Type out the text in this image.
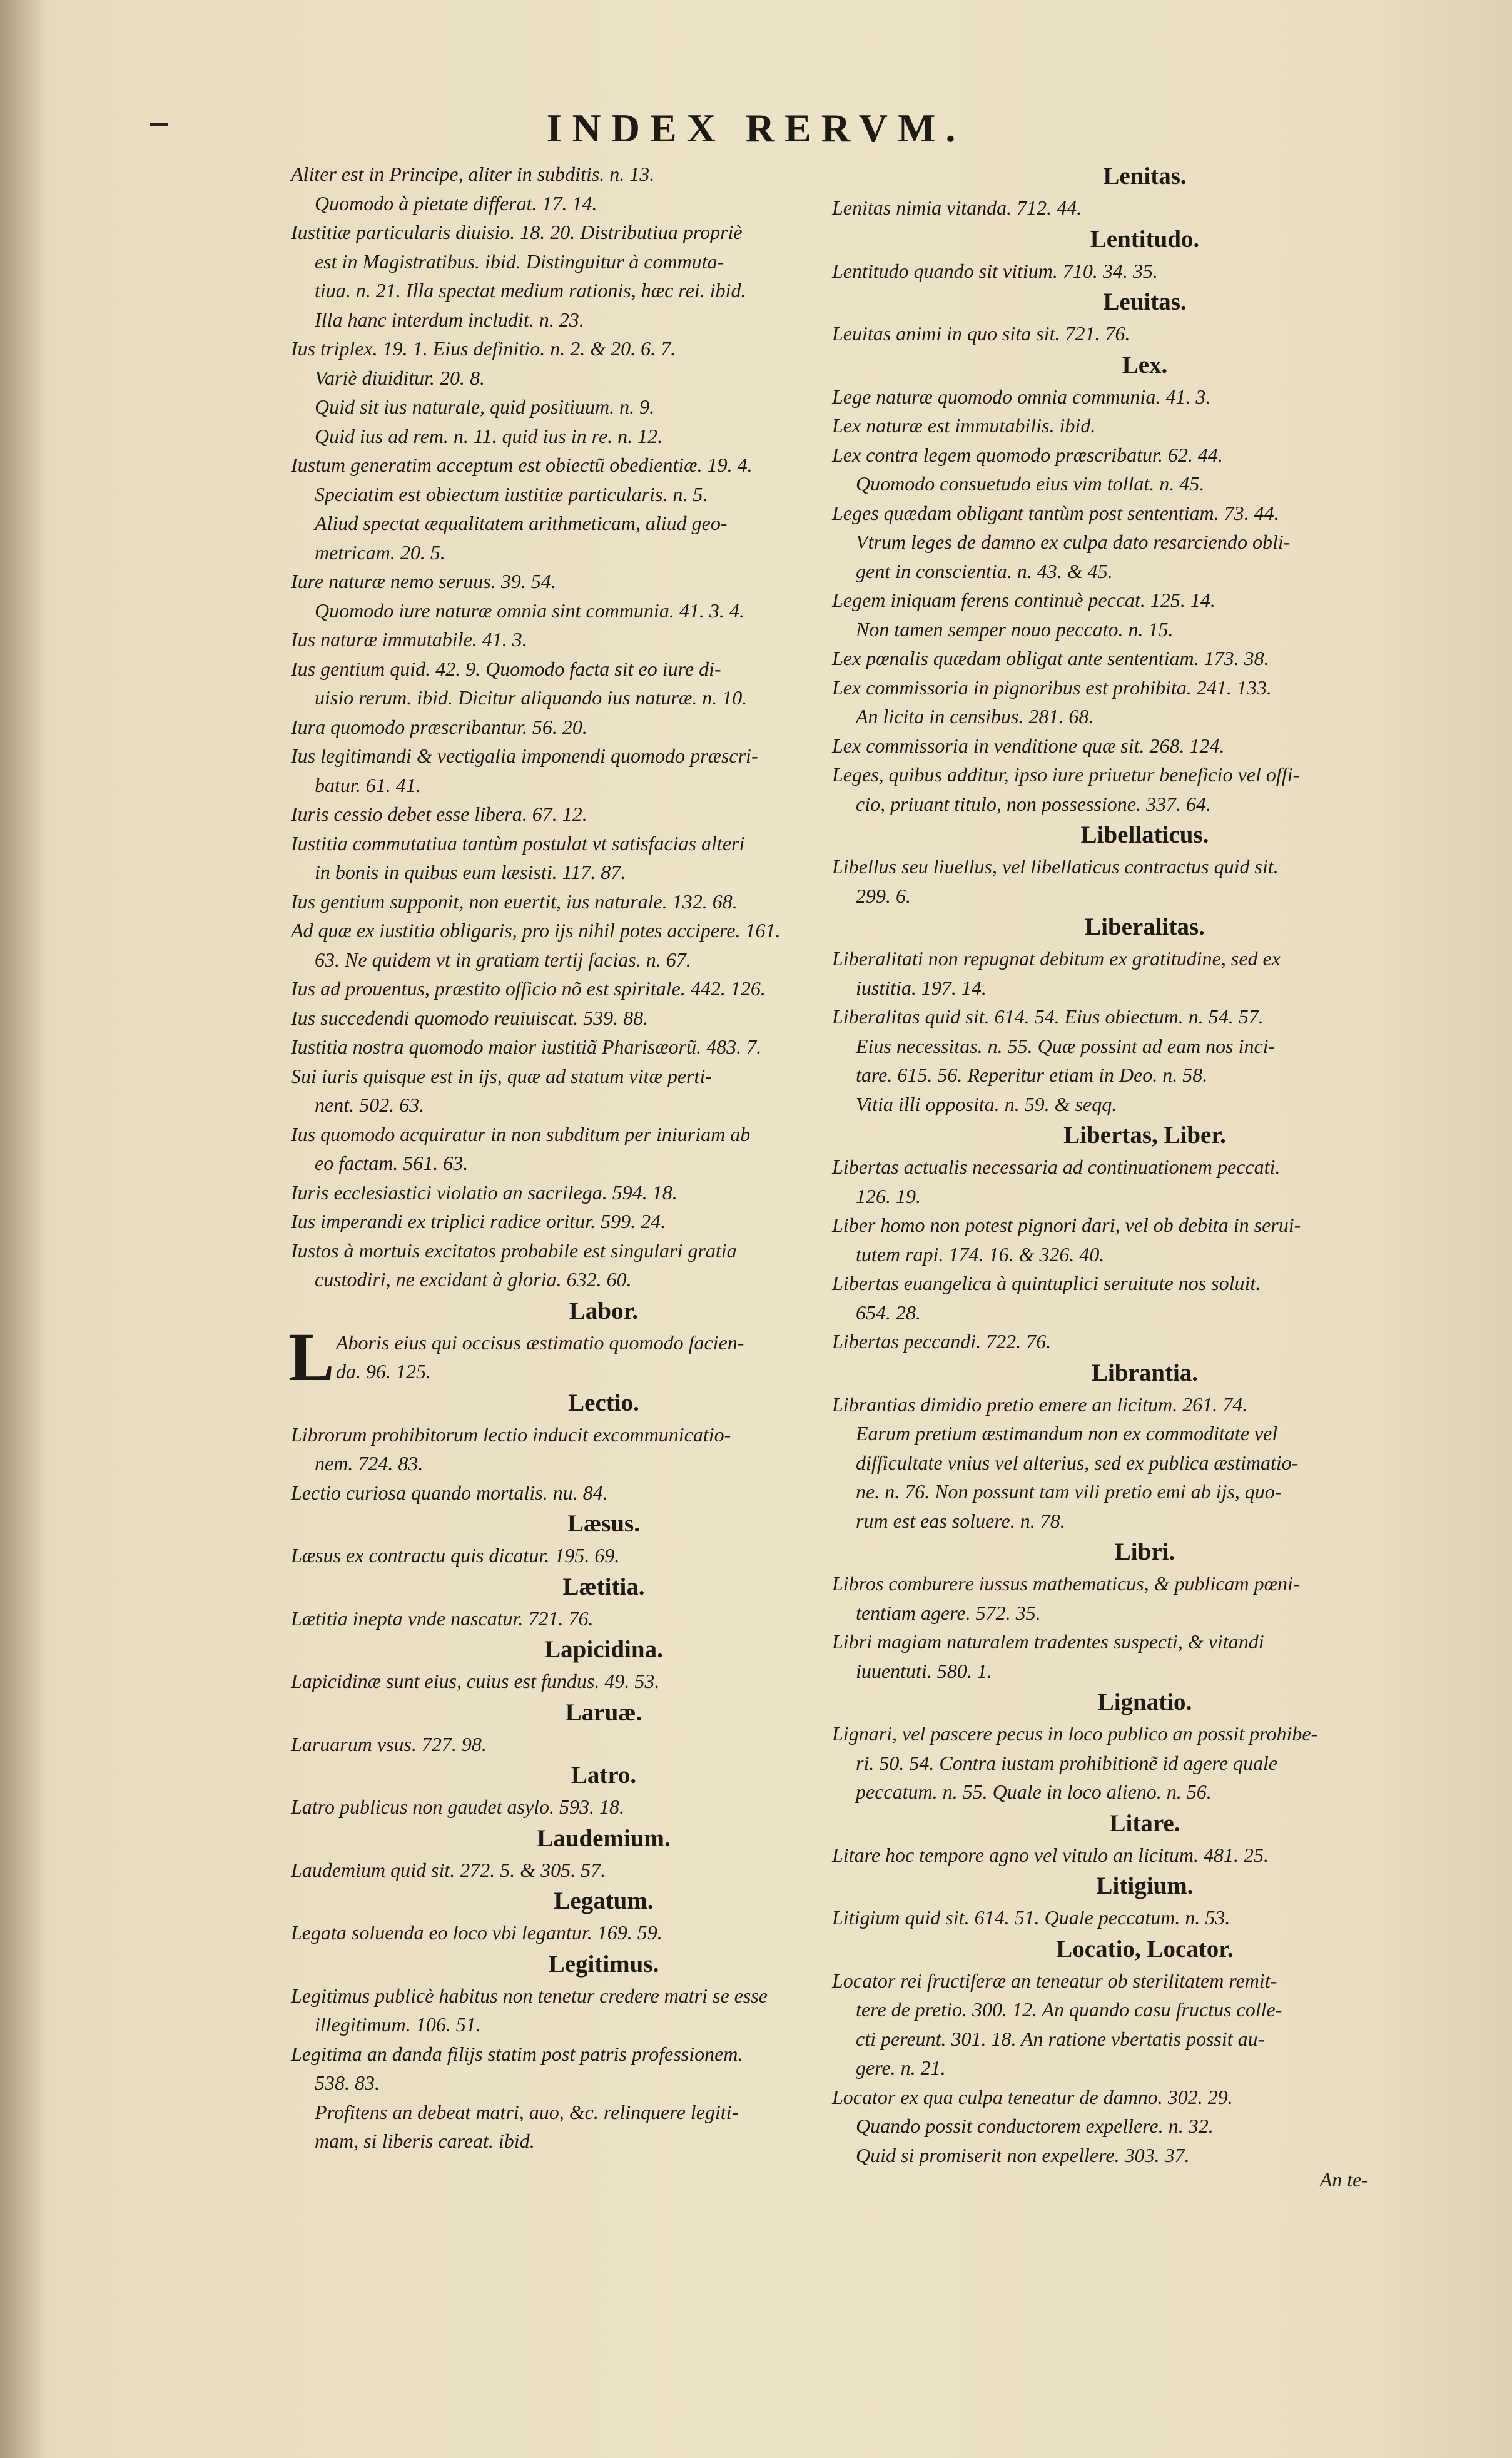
INDEX RERVM.
Aliter est in Principe, aliter in subditis. n. 13.
Quomodo à pietate differat. 17. 14.
Iustitiæ particularis diuisio. 18. 20. Distributiua propriè
est in Magistratibus. ibid. Distinguitur à commuta-
tiua. n. 21. Illa spectat medium rationis, hæc rei. ibid.
Illa hanc interdum includit. n. 23.
Ius triplex. 19. 1. Eius definitio. n. 2. & 20. 6. 7.
Variè diuiditur. 20. 8.
Quid sit ius naturale, quid positiuum. n. 9.
Quid ius ad rem. n. 11. quid ius in re. n. 12.
Iustum generatim acceptum est obiectũ obedientiæ. 19. 4.
Speciatim est obiectum iustitiæ particularis. n. 5.
Aliud spectat æqualitatem arithmeticam, aliud geo-
metricam. 20. 5.
Iure naturæ nemo seruus. 39. 54.
Quomodo iure naturæ omnia sint communia. 41. 3. 4.
Ius naturæ immutabile. 41. 3.
Ius gentium quid. 42. 9. Quomodo facta sit eo iure di-
uisio rerum. ibid. Dicitur aliquando ius naturæ. n. 10.
Iura quomodo præscribantur. 56. 20.
Ius legitimandi & vectigalia imponendi quomodo præscri-
batur. 61. 41.
Iuris cessio debet esse libera. 67. 12.
Iustitia commutatiua tantùm postulat vt satisfacias alteri
in bonis in quibus eum læsisti. 117. 87.
Ius gentium supponit, non euertit, ius naturale. 132. 68.
Ad quæ ex iustitia obligaris, pro ijs nihil potes accipere. 161.
63. Ne quidem vt in gratiam tertij facias. n. 67.
Ius ad prouentus, præstito officio nõ est spiritale. 442. 126.
Ius succedendi quomodo reuiuiscat. 539. 88.
Iustitia nostra quomodo maior iustitiã Pharisæorũ. 483. 7.
Sui iuris quisque est in ijs, quæ ad statum vitæ perti-
nent. 502. 63.
Ius quomodo acquiratur in non subditum per iniuriam ab
eo factam. 561. 63.
Iuris ecclesiastici violatio an sacrilega. 594. 18.
Ius imperandi ex triplici radice oritur. 599. 24.
Iustos à mortuis excitatos probabile est singulari gratia
custodiri, ne excidant à gloria. 632. 60.
Labor.
L Aboris eius qui occisus æstimatio quomodo facien-
da. 96. 125.
Lectio.
Librorum prohibitorum lectio inducit excommunicatio-
nem. 724. 83.
Lectio curiosa quando mortalis. nu. 84.
Læsus.
Læsus ex contractu quis dicatur. 195. 69.
Lætitia.
Lætitia inepta vnde nascatur. 721. 76.
Lapicidina.
Lapicidinæ sunt eius, cuius est fundus. 49. 53.
Laruæ.
Laruarum vsus. 727. 98.
Latro.
Latro publicus non gaudet asylo. 593. 18.
Laudemium.
Laudemium quid sit. 272. 5. & 305. 57.
Legatum.
Legata soluenda eo loco vbi legantur. 169. 59.
Legitimus.
Legitimus publicè habitus non tenetur credere matri se esse
illegitimum. 106. 51.
Legitima an danda filijs statim post patris professionem.
538. 83.
Profitens an debeat matri, auo, &c. relinquere legiti-
mam, si liberis careat. ibid.
Lenitas.
Lenitas nimia vitanda. 712. 44.
Lentitudo.
Lentitudo quando sit vitium. 710. 34. 35.
Leuitas.
Leuitas animi in quo sita sit. 721. 76.
Lex.
Lege naturæ quomodo omnia communia. 41. 3.
Lex naturæ est immutabilis. ibid.
Lex contra legem quomodo præscribatur. 62. 44.
Quomodo consuetudo eius vim tollat. n. 45.
Leges quædam obligant tantùm post sententiam. 73. 44.
Vtrum leges de damno ex culpa dato resarciendo obli-
gent in conscientia. n. 43. & 45.
Legem iniquam ferens continuè peccat. 125. 14.
Non tamen semper nouo peccato. n. 15.
Lex pœnalis quædam obligat ante sententiam. 173. 38.
Lex commissoria in pignoribus est prohibita. 241. 133.
An licita in censibus. 281. 68.
Lex commissoria in venditione quæ sit. 268. 124.
Leges, quibus additur, ipso iure priuetur beneficio vel offi-
cio, priuant titulo, non possessione. 337. 64.
Libellaticus.
Libellus seu liuellus, vel libellaticus contractus quid sit.
299. 6.
Liberalitas.
Liberalitati non repugnat debitum ex gratitudine, sed ex
iustitia. 197. 14.
Liberalitas quid sit. 614. 54. Eius obiectum. n. 54. 57.
Eius necessitas. n. 55. Quæ possint ad eam nos inci-
tare. 615. 56. Reperitur etiam in Deo. n. 58.
Vitia illi opposita. n. 59. & seqq.
Libertas, Liber.
Libertas actualis necessaria ad continuationem peccati.
126. 19.
Liber homo non potest pignori dari, vel ob debita in serui-
tutem rapi. 174. 16. & 326. 40.
Libertas euangelica à quintuplici seruitute nos soluit.
654. 28.
Libertas peccandi. 722. 76.
Librantia.
Librantias dimidio pretio emere an licitum. 261. 74.
Earum pretium æstimandum non ex commoditate vel
difficultate vnius vel alterius, sed ex publica æstimatio-
ne. n. 76. Non possunt tam vili pretio emi ab ijs, quo-
rum est eas soluere. n. 78.
Libri.
Libros comburere iussus mathematicus, & publicam pœni-
tentiam agere. 572. 35.
Libri magiam naturalem tradentes suspecti, & vitandi
iuuentuti. 580. 1.
Lignatio.
Lignari, vel pascere pecus in loco publico an possit prohibe-
ri. 50. 54. Contra iustam prohibitionẽ id agere quale
peccatum. n. 55. Quale in loco alieno. n. 56.
Litare.
Litare hoc tempore agno vel vitulo an licitum. 481. 25.
Litigium.
Litigium quid sit. 614. 51. Quale peccatum. n. 53.
Locatio, Locator.
Locator rei fructiferæ an teneatur ob sterilitatem remit-
tere de pretio. 300. 12. An quando casu fructus colle-
cti pereunt. 301. 18. An ratione vbertatis possit au-
gere. n. 21.
Locator ex qua culpa teneatur de damno. 302. 29.
Quando possit conductorem expellere. n. 32.
Quid si promiserit non expellere. 303. 37.
An te-
